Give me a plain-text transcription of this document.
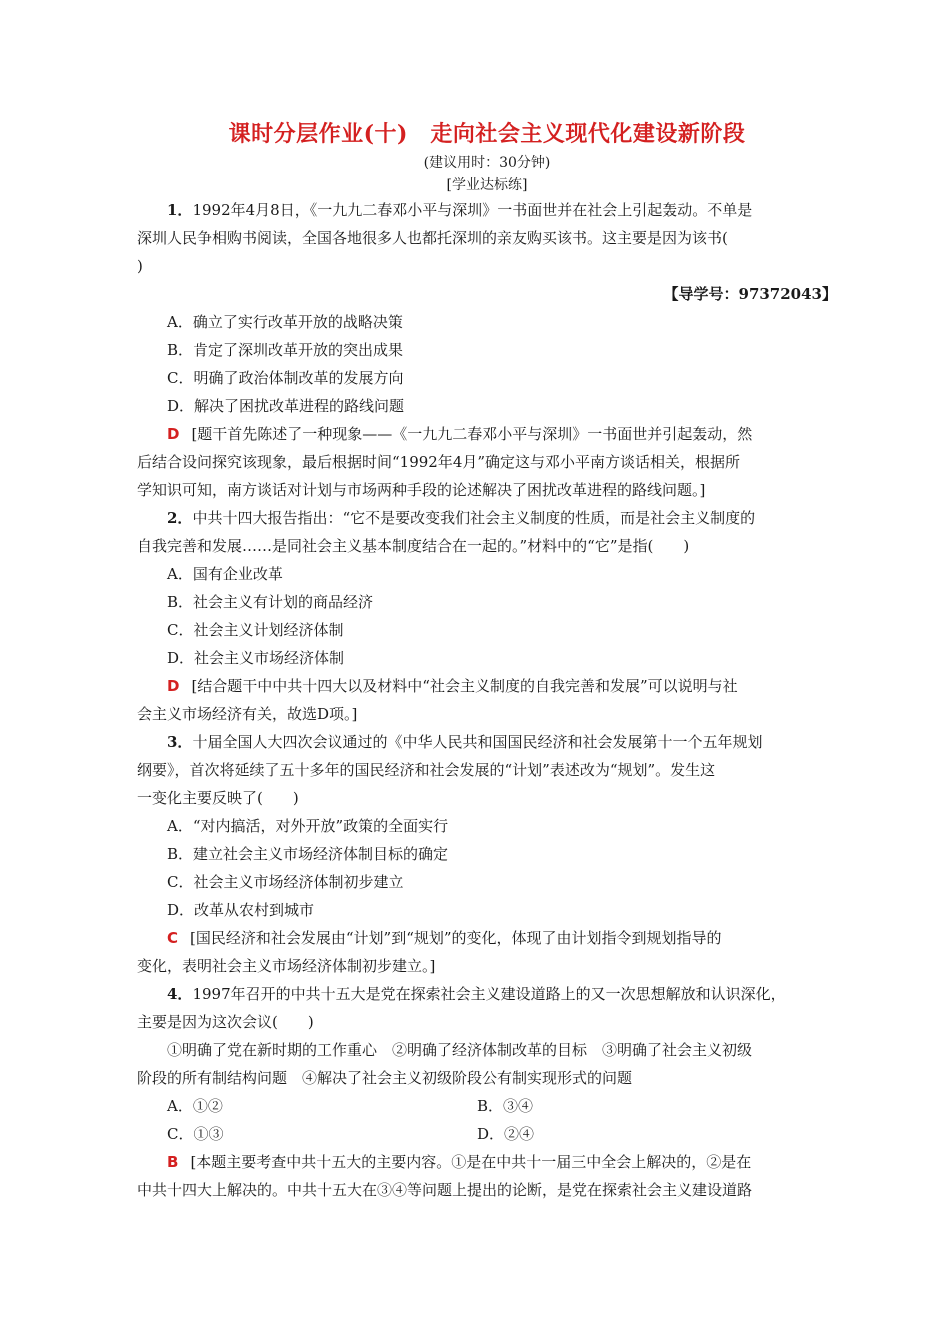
课时分层作业(十)　走向社会主义现代化建设新阶段
(建议用时：30分钟)
[学业达标练]
1．1992年4月8日，《一九九二春邓小平与深圳》一书面世并在社会上引起轰动。不单是
深圳人民争相购书阅读，全国各地很多人也都托深圳的亲友购买该书。这主要是因为该书(
)
【导学号：97372043】
A．确立了实行改革开放的战略决策
B．肯定了深圳改革开放的突出成果
C．明确了政治体制改革的发展方向
D．解决了困扰改革进程的路线问题
D [题干首先陈述了一种现象——《一九九二春邓小平与深圳》一书面世并引起轰动，然
后结合设问探究该现象，最后根据时间“1992年4月”确定这与邓小平南方谈话相关，根据所
学知识可知，南方谈话对计划与市场两种手段的论述解决了困扰改革进程的路线问题。]
2．中共十四大报告指出：“它不是要改变我们社会主义制度的性质，而是社会主义制度的
自我完善和发展……是同社会主义基本制度结合在一起的。”材料中的“它”是指(　　)
A．国有企业改革
B．社会主义有计划的商品经济
C．社会主义计划经济体制
D．社会主义市场经济体制
D [结合题干中中共十四大以及材料中“社会主义制度的自我完善和发展”可以说明与社
会主义市场经济有关，故选D项。]
3．十届全国人大四次会议通过的《中华人民共和国国民经济和社会发展第十一个五年规划
纲要》，首次将延续了五十多年的国民经济和社会发展的“计划”表述改为“规划”。发生这
一变化主要反映了(　　)
A．“对内搞活，对外开放”政策的全面实行
B．建立社会主义市场经济体制目标的确定
C．社会主义市场经济体制初步建立
D．改革从农村到城市
C [国民经济和社会发展由“计划”到“规划”的变化，体现了由计划指令到规划指导的
变化，表明社会主义市场经济体制初步建立。]
4．1997年召开的中共十五大是党在探索社会主义建设道路上的又一次思想解放和认识深化，
主要是因为这次会议(　　)
①明确了党在新时期的工作重心　②明确了经济体制改革的目标　③明确了社会主义初级
阶段的所有制结构问题　④解决了社会主义初级阶段公有制实现形式的问题
A．①②	B．③④
C．①③	D．②④
B [本题主要考查中共十五大的主要内容。①是在中共十一届三中全会上解决的，②是在
中共十四大上解决的。中共十五大在③④等问题上提出的论断，是党在探索社会主义建设道路
